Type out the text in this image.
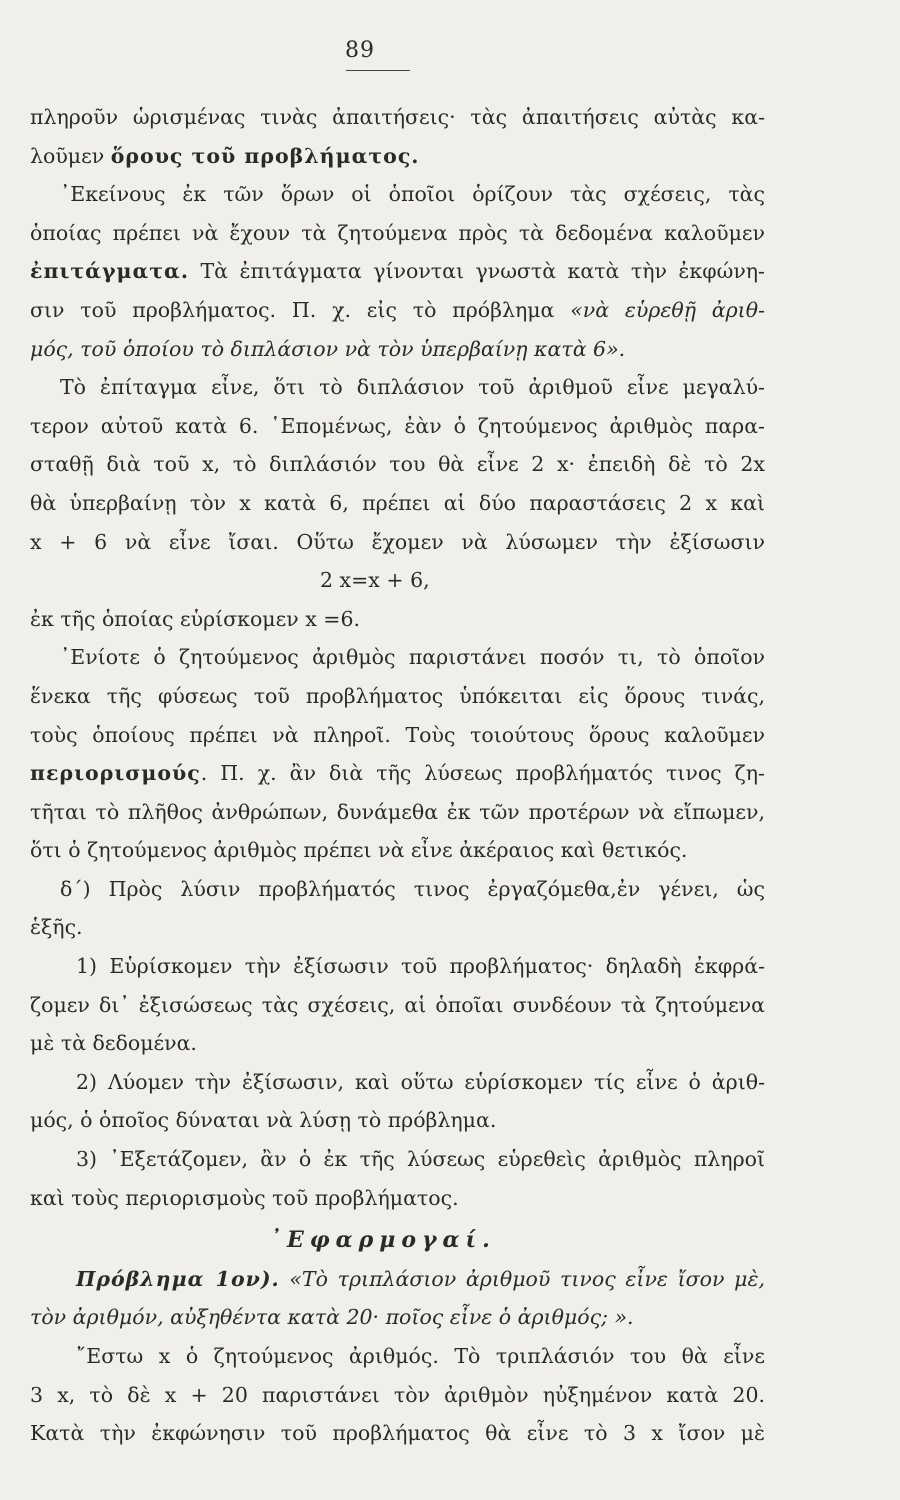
89

πληροῦν ὡρισμένας τινὰς ἀπαιτήσεις· τὰς ἀπαιτήσεις αὐτὰς κα-

λοῦμεν ὅρους τοῦ προβλήματος.

᾿Εκείνους ἐκ τῶν ὅρων οἱ ὁποῖοι ὁρίζουν τὰς σχέσεις, τὰς

ὁποίας πρέπει νὰ ἔχουν τὰ ζητούμενα πρὸς τὰ δεδομένα καλοῦμεν

ἐπιτάγματα. Τὰ ἐπιτάγματα γίνονται γνωστὰ κατὰ τὴν ἐκφώνη-

σιν τοῦ προβλήματος. Π. χ. εἰς τὸ πρόβλημα «νὰ εὑρεθῇ ἀριθ-

μός, τοῦ ὁποίου τὸ διπλάσιον νὰ τὸν ὑπερβαίνῃ κατὰ 6».

Τὸ ἐπίταγμα εἶνε, ὅτι τὸ διπλάσιον τοῦ ἀριθμοῦ εἶνε μεγαλύ-

τερον αὐτοῦ κατὰ 6. ῾Επομένως, ἐὰν ὁ ζητούμενος ἀριθμὸς παρα-

σταθῇ διὰ τοῦ x, τὸ διπλάσιόν του θὰ εἶνε 2 x· ἐπειδὴ δὲ τὸ 2x

θὰ ὑπερβαίνῃ τὸν x κατὰ 6, πρέπει αἱ δύο παραστάσεις 2 x καὶ

x + 6 νὰ εἶνε ἴσαι. Οὕτω ἔχομεν νὰ λύσωμεν τὴν ἐξίσωσιν

2 x=x + 6,

ἐκ τῆς ὁποίας εὑρίσκομεν x =6.

᾿Ενίοτε ὁ ζητούμενος ἀριθμὸς παριστάνει ποσόν τι, τὸ ὁποῖον

ἕνεκα τῆς φύσεως τοῦ προβλήματος ὑπόκειται εἰς ὅρους τινάς,

τοὺς ὁποίους πρέπει νὰ πληροῖ. Τοὺς τοιούτους ὅρους καλοῦμεν

περιορισμούς. Π. χ. ἂν διὰ τῆς λύσεως προβλήματός τινος ζη-

τῆται τὸ πλῆθος ἀνθρώπων, δυνάμεθα ἐκ τῶν προτέρων νὰ εἴπωμεν,

ὅτι ὁ ζητούμενος ἀριθμὸς πρέπει νὰ εἶνε ἀκέραιος καὶ θετικός.

δ΄) Πρὸς λύσιν προβλήματός τινος ἐργαζόμεθα,ἐν γένει, ὡς

ἑξῆς.

1) Εὑρίσκομεν τὴν ἐξίσωσιν τοῦ προβλήματος· δηλαδὴ ἐκφρά-

ζομεν δι᾿ ἐξισώσεως τὰς σχέσεις, αἱ ὁποῖαι συνδέουν τὰ ζητούμενα

μὲ τὰ δεδομένα.

2) Λύομεν τὴν ἐξίσωσιν, καὶ οὕτω εὑρίσκομεν τίς εἶνε ὁ ἀριθ-

μός, ὁ ὁποῖος δύναται νὰ λύσῃ τὸ πρόβλημα.

3) ᾿Εξετάζομεν, ἂν ὁ ἐκ τῆς λύσεως εὑρεθεὶς ἀριθμὸς πληροῖ

καὶ τοὺς περιορισμοὺς τοῦ προβλήματος.

᾿Εφαρμογαί.

Πρόβλημα 1ον). «Τὸ τριπλάσιον ἀριθμοῦ τινος εἶνε ἴσον μὲ,

τὸν ἀριθμόν, αὐξηθέντα κατὰ 20· ποῖος εἶνε ὁ ἀριθμός; ».

῎Εστω x ὁ ζητούμενος ἀριθμός. Τὸ τριπλάσιόν του θὰ εἶνε

3 x, τὸ δὲ x + 20 παριστάνει τὸν ἀριθμὸν ηὐξημένον κατὰ 20.

Κατὰ τὴν ἐκφώνησιν τοῦ προβλήματος θὰ εἶνε τὸ 3 x ἴσον μὲ
